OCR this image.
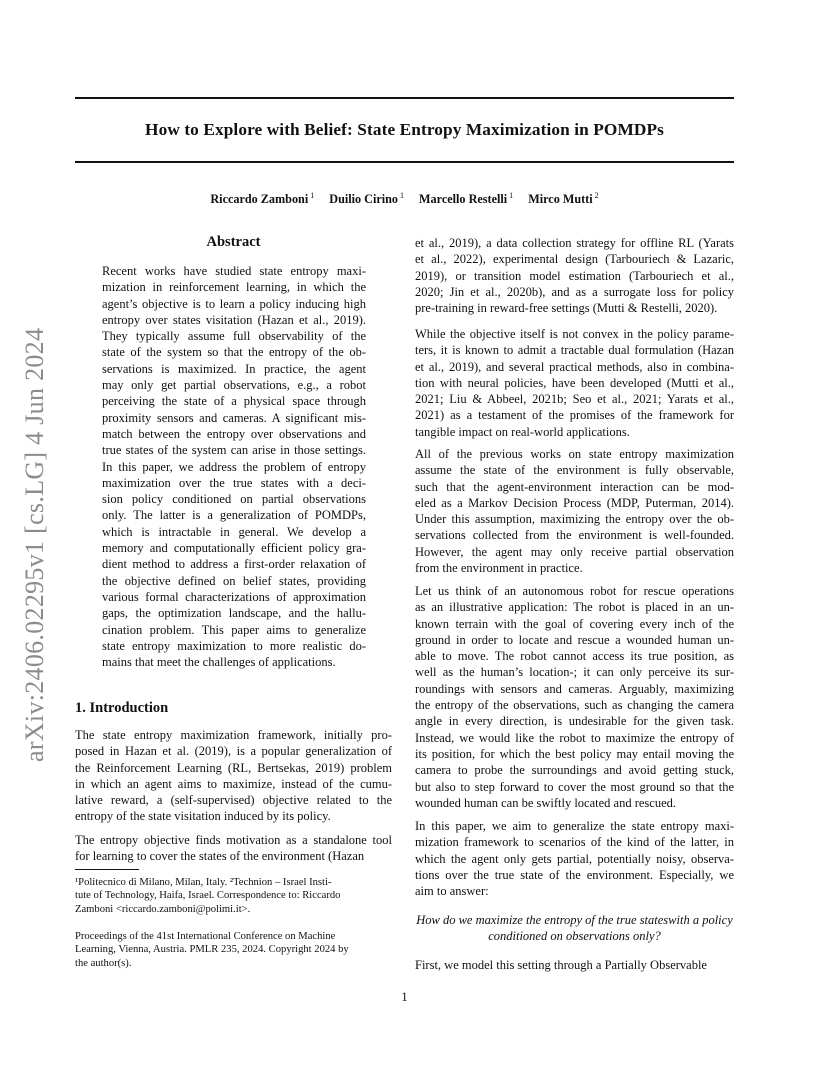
How to Explore with Belief: State Entropy Maximization in POMDPs
Riccardo Zamboni $^1$ Duilio Cirino $^1$ Marcello Restelli $^1$ Mirco Mutti $^2$
arXiv:2406.02295v1 [cs.LG] 4 Jun 2024
Abstract
Recent works have studied state entropy maxi-
mization in reinforcement learning, in which the
agent’s objective is to learn a policy inducing high
entropy over states visitation (Hazan et al., 2019).
They typically assume full observability of the
state of the system so that the entropy of the ob-
servations is maximized. In practice, the agent
may only get partial observations, e.g., a robot
perceiving the state of a physical space through
proximity sensors and cameras. A significant mis-
match between the entropy over observations and
true states of the system can arise in those settings.
In this paper, we address the problem of entropy
maximization over the true states with a deci-
sion policy conditioned on partial observations
only. The latter is a generalization of POMDPs,
which is intractable in general. We develop a
memory and computationally efficient policy gra-
dient method to address a first-order relaxation of
the objective defined on belief states, providing
various formal characterizations of approximation
gaps, the optimization landscape, and the hallu-
cination problem. This paper aims to generalize
state entropy maximization to more realistic do-
mains that meet the challenges of applications.
1. Introduction
The state entropy maximization framework, initially pro-
posed in Hazan et al. (2019), is a popular generalization of
the Reinforcement Learning (RL, Bertsekas, 2019) problem
in which an agent aims to maximize, instead of the cumu-
lative reward, a (self-supervised) objective related to the
entropy of the state visitation induced by its policy.
The entropy objective finds motivation as a standalone tool
for learning to cover the states of the environment (Hazan
¹Politecnico di Milano, Milan, Italy. ²Technion – Israel Insti-
tute of Technology, Haifa, Israel. Correspondence to: Riccardo
Zamboni <riccardo.zamboni@polimi.it>.
Proceedings of the 41st International Conference on Machine
Learning, Vienna, Austria. PMLR 235, 2024. Copyright 2024 by
the author(s).
et al., 2019), a data collection strategy for offline RL (Yarats
et al., 2022), experimental design (Tarbouriech & Lazaric,
2019), or transition model estimation (Tarbouriech et al.,
2020; Jin et al., 2020b), and as a surrogate loss for policy
pre-training in reward-free settings (Mutti & Restelli, 2020).
While the objective itself is not convex in the policy parame-
ters, it is known to admit a tractable dual formulation (Hazan
et al., 2019), and several practical methods, also in combina-
tion with neural policies, have been developed (Mutti et al.,
2021; Liu & Abbeel, 2021b; Seo et al., 2021; Yarats et al.,
2021) as a testament of the promises of the framework for
tangible impact on real-world applications.
All of the previous works on state entropy maximization
assume the state of the environment is fully observable,
such that the agent-environment interaction can be mod-
eled as a Markov Decision Process (MDP, Puterman, 2014).
Under this assumption, maximizing the entropy over the ob-
servations collected from the environment is well-founded.
However, the agent may only receive partial observation
from the environment in practice.
Let us think of an autonomous robot for rescue operations
as an illustrative application: The robot is placed in an un-
known terrain with the goal of covering every inch of the
ground in order to locate and rescue a wounded human un-
able to move. The robot cannot access its true position, as
well as the human’s location-; it can only perceive its sur-
roundings with sensors and cameras. Arguably, maximizing
the entropy of the observations, such as changing the camera
angle in every direction, is undesirable for the given task.
Instead, we would like the robot to maximize the entropy of
its position, for which the best policy may entail moving the
camera to probe the surroundings and avoid getting stuck,
but also to step forward to cover the most ground so that the
wounded human can be swiftly located and rescued.
In this paper, we aim to generalize the state entropy maxi-
mization framework to scenarios of the kind of the latter, in
which the agent only gets partial, potentially noisy, observa-
tions over the true state of the environment. Especially, we
aim to answer:
How do we maximize the entropy of the true stateswith a policy conditioned on observations only?
First, we model this setting through a Partially Observable
1
